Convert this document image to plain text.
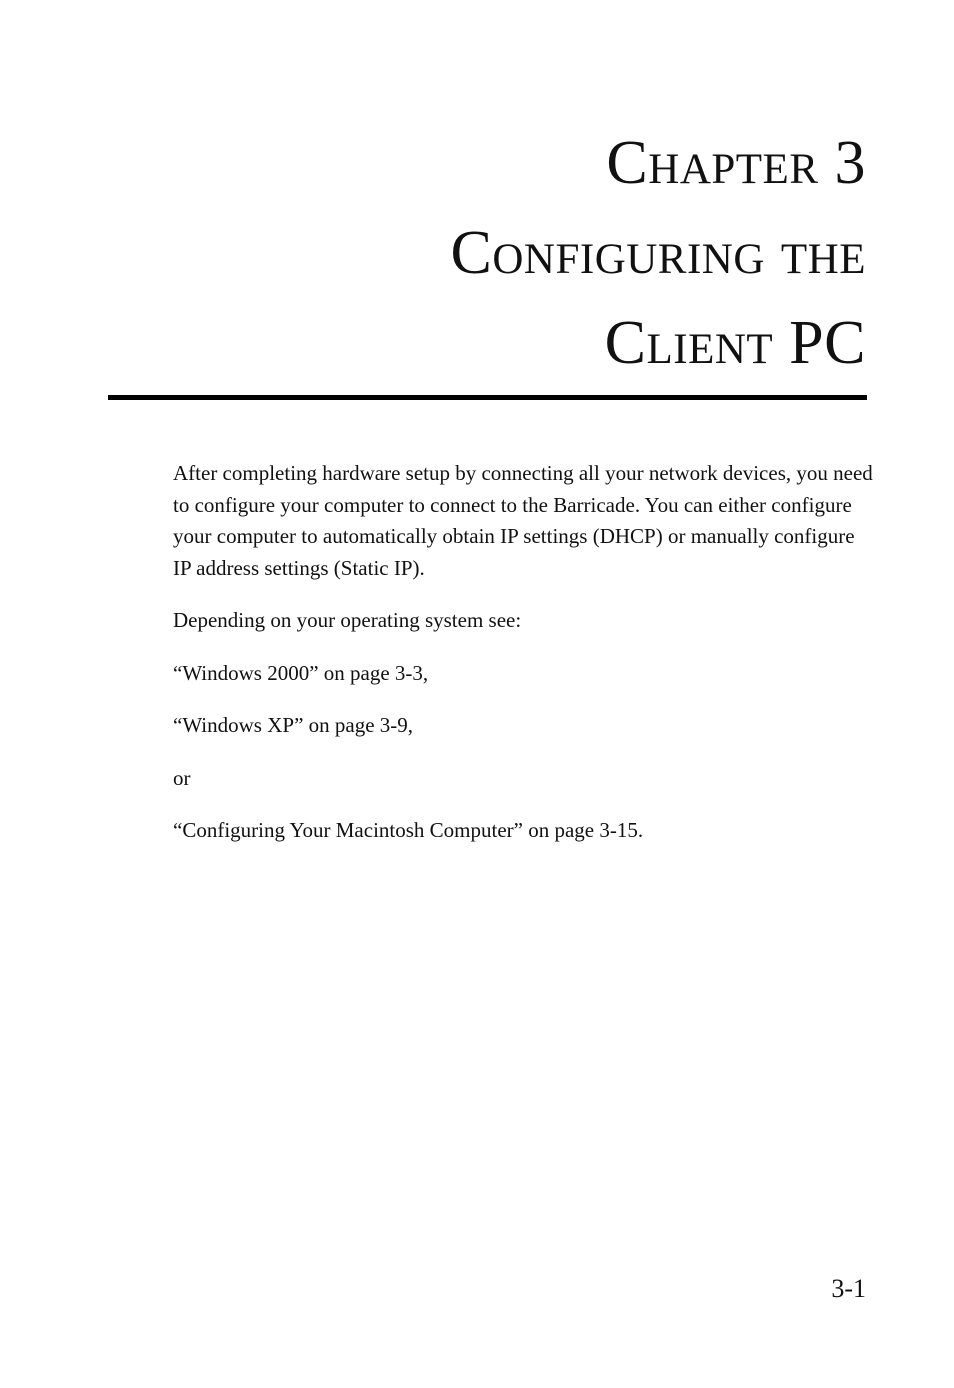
Chapter 3
Configuring the
Client PC

After completing hardware setup by connecting all your network devices, you need to configure your computer to connect to the Barricade. You can either configure your computer to automatically obtain IP settings (DHCP) or manually configure IP address settings (Static IP).

Depending on your operating system see:

“Windows 2000” on page 3-3,

“Windows XP” on page 3-9,

or

“Configuring Your Macintosh Computer” on page 3-15.

3-1
